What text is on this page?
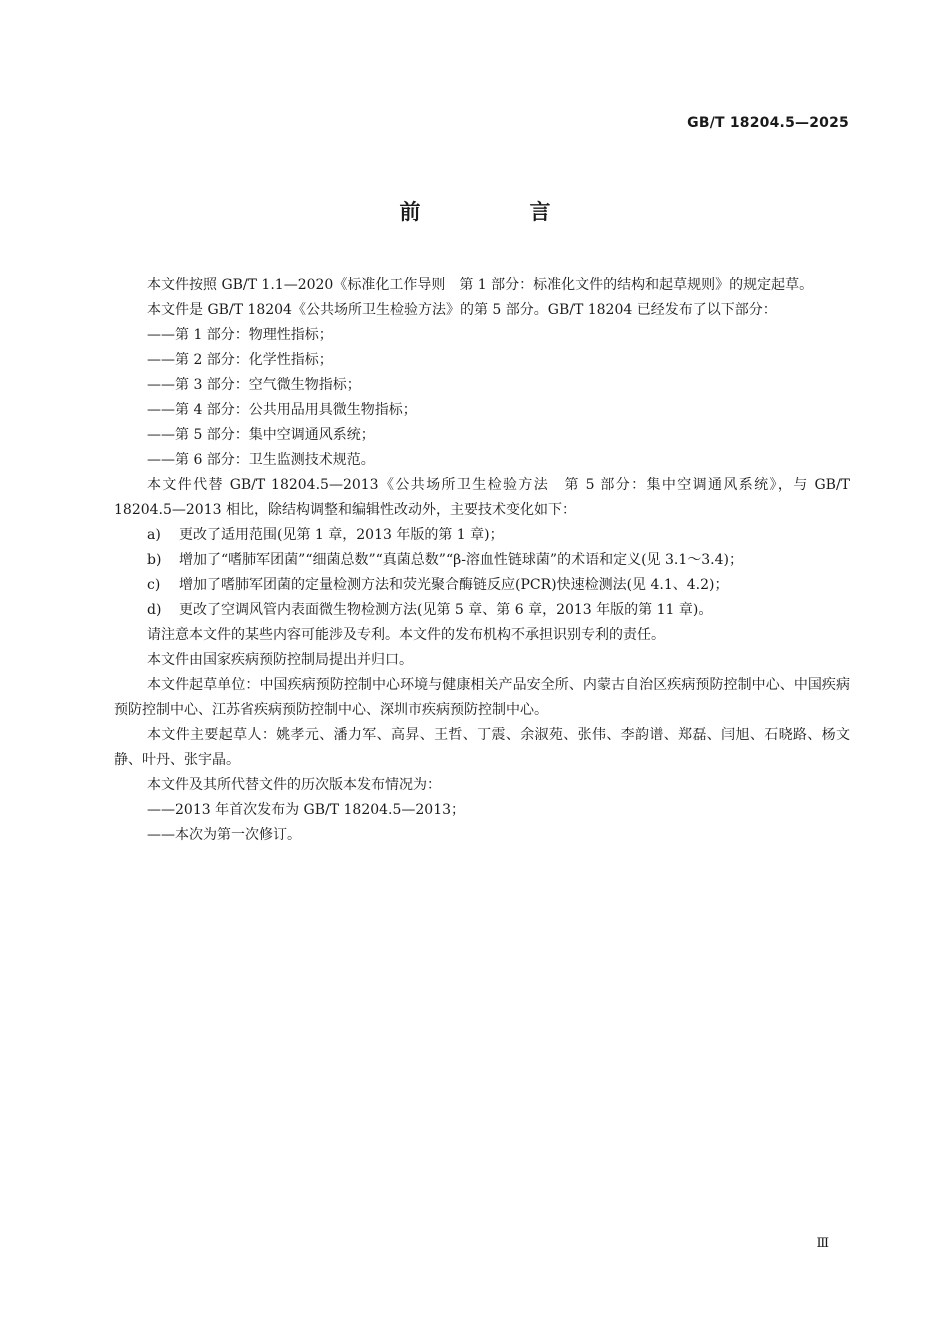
GB/T 18204.5—2025
前　言

本文件按照 GB/T 1.1—2020《标准化工作导则　第 1 部分：标准化文件的结构和起草规则》的规定起草。

本文件是 GB/T 18204《公共场所卫生检验方法》的第 5 部分。GB/T 18204 已经发布了以下部分：

——第 1 部分：物理性指标；

——第 2 部分：化学性指标；

——第 3 部分：空气微生物指标；

——第 4 部分：公共用品用具微生物指标；

——第 5 部分：集中空调通风系统；

——第 6 部分：卫生监测技术规范。

本文件代替 GB/T 18204.5—2013《公共场所卫生检验方法　第 5 部分：集中空调通风系统》，与 GB/T 18204.5—2013 相比，除结构调整和编辑性改动外，主要技术变化如下：

a) 更改了适用范围(见第 1 章，2013 年版的第 1 章)；

b) 增加了“嗜肺军团菌”“细菌总数”“真菌总数”“β-溶血性链球菌”的术语和定义(见 3.1～3.4)；

c) 增加了嗜肺军团菌的定量检测方法和荧光聚合酶链反应(PCR)快速检测法(见 4.1、4.2)；

d) 更改了空调风管内表面微生物检测方法(见第 5 章、第 6 章，2013 年版的第 11 章)。

请注意本文件的某些内容可能涉及专利。本文件的发布机构不承担识别专利的责任。

本文件由国家疾病预防控制局提出并归口。

本文件起草单位：中国疾病预防控制中心环境与健康相关产品安全所、内蒙古自治区疾病预防控制中心、中国疾病预防控制中心、江苏省疾病预防控制中心、深圳市疾病预防控制中心。

本文件主要起草人：姚孝元、潘力军、高昇、王哲、丁震、余淑苑、张伟、李韵谱、郑磊、闫旭、石晓路、杨文静、叶丹、张宇晶。

本文件及其所代替文件的历次版本发布情况为：

——2013 年首次发布为 GB/T 18204.5—2013；

——本次为第一次修订。

Ⅲ
